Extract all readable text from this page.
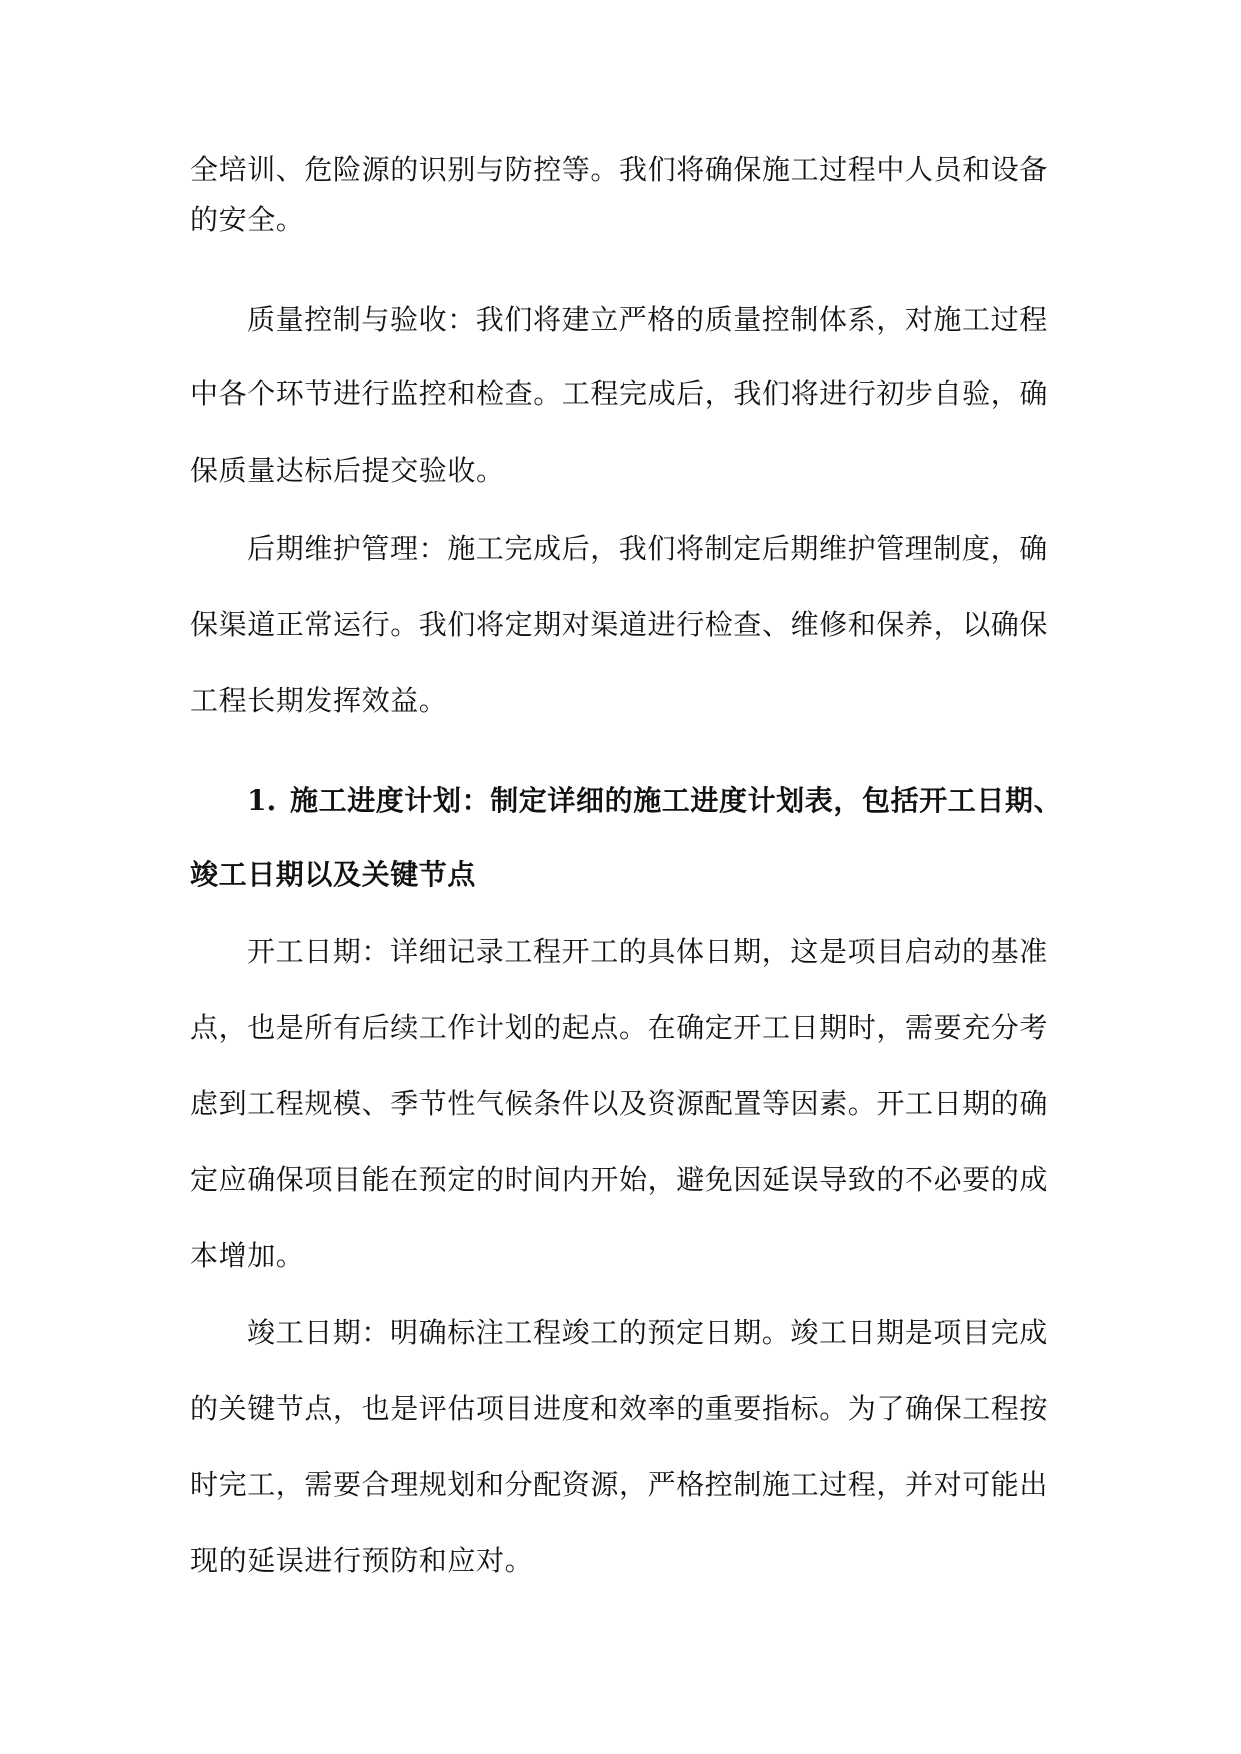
全培训、危险源的识别与防控等。我们将确保施工过程中人员和设备
的安全。
质量控制与验收：我们将建立严格的质量控制体系，对施工过程
中各个环节进行监控和检查。工程完成后，我们将进行初步自验，确
保质量达标后提交验收。
后期维护管理：施工完成后，我们将制定后期维护管理制度，确
保渠道正常运行。我们将定期对渠道进行检查、维修和保养，以确保
工程长期发挥效益。
1. 施工进度计划：制定详细的施工进度计划表，包括开工日期、
竣工日期以及关键节点
开工日期：详细记录工程开工的具体日期，这是项目启动的基准
点，也是所有后续工作计划的起点。在确定开工日期时，需要充分考
虑到工程规模、季节性气候条件以及资源配置等因素。开工日期的确
定应确保项目能在预定的时间内开始，避免因延误导致的不必要的成
本增加。
竣工日期：明确标注工程竣工的预定日期。竣工日期是项目完成
的关键节点，也是评估项目进度和效率的重要指标。为了确保工程按
时完工，需要合理规划和分配资源，严格控制施工过程，并对可能出
现的延误进行预防和应对。
